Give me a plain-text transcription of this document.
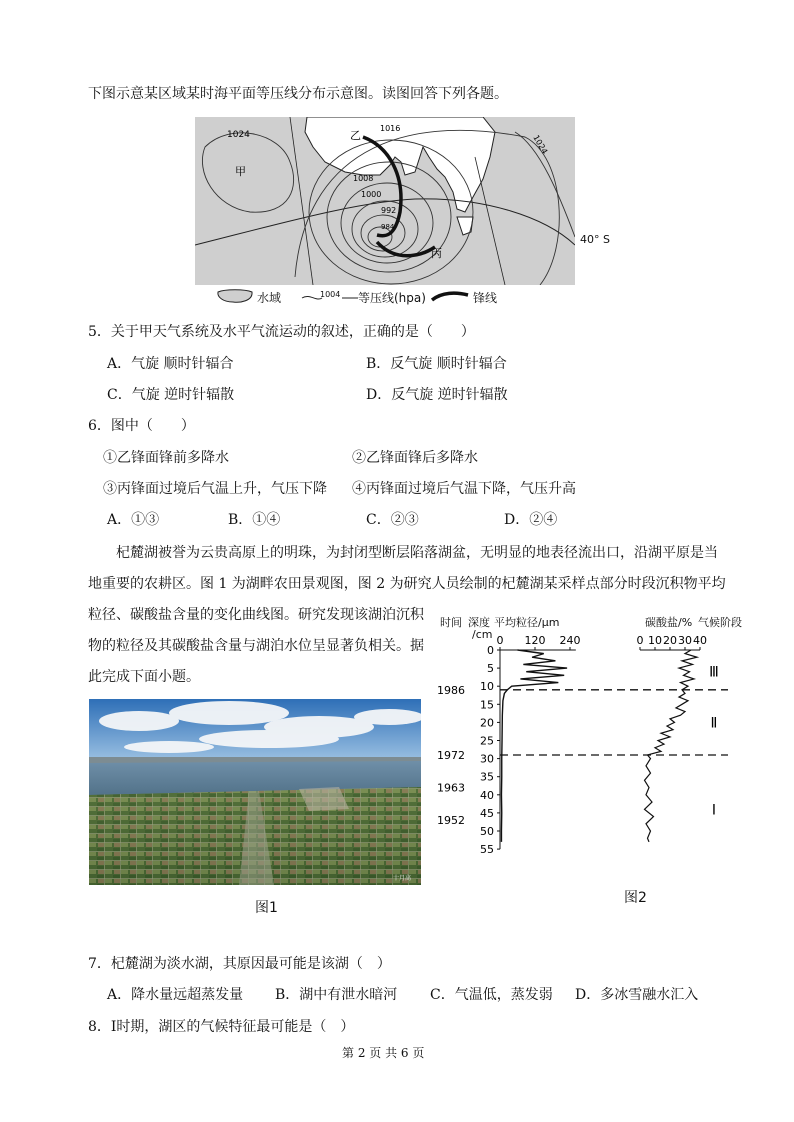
下图示意某区域某时海平面等压线分布示意图。读图回答下列各题。
1024
甲
乙
1016
1008
1000
992
984
丙
1024
40° S
水域	1004 等压线(hpa)	锋线
5．关于甲天气系统及水平气流运动的叙述，正确的是（　　）
A．气旋 顺时针辐合	B．反气旋 顺时针辐合
C．气旋 逆时针辐散	D．反气旋 逆时针辐散
6．图中（　　）
①乙锋面锋前多降水	②乙锋面锋后多降水
③丙锋面过境后气温上升，气压下降 ④丙锋面过境后气温下降，气压升高
A．①③	B．①④	C．②③	D．②④
杞麓湖被誉为云贵高原上的明珠，为封闭型断层陷落湖盆，无明显的地表径流出口，沿湖平原是当
地重要的农耕区。图 1 为湖畔农田景观图，图 2 为研究人员绘制的杞麓湖某采样点部分时段沉积物平均
粒径、碳酸盐含量的变化曲线图。研究发现该湖泊沉积
物的粒径及其碳酸盐含量与湖泊水位呈显著负相关。据
此完成下面小题。
十月高
图1
时间 深度 平均粒径/μm
/cm
碳酸盐/% 气候阶段
0 120 240	0 10 20 30 40
0
5
10
15
20
25
30
35
40
45
50
55
1986
1972
1963
1952
Ⅲ
Ⅱ
Ⅰ
图2
7．杞麓湖为淡水湖，其原因最可能是该湖（　）
A．降水量远超蒸发量 B．湖中有泄水暗河 C．气温低，蒸发弱 D．多冰雪融水汇入
8．Ⅰ时期，湖区的气候特征最可能是（　）
第 2 页 共 6 页
